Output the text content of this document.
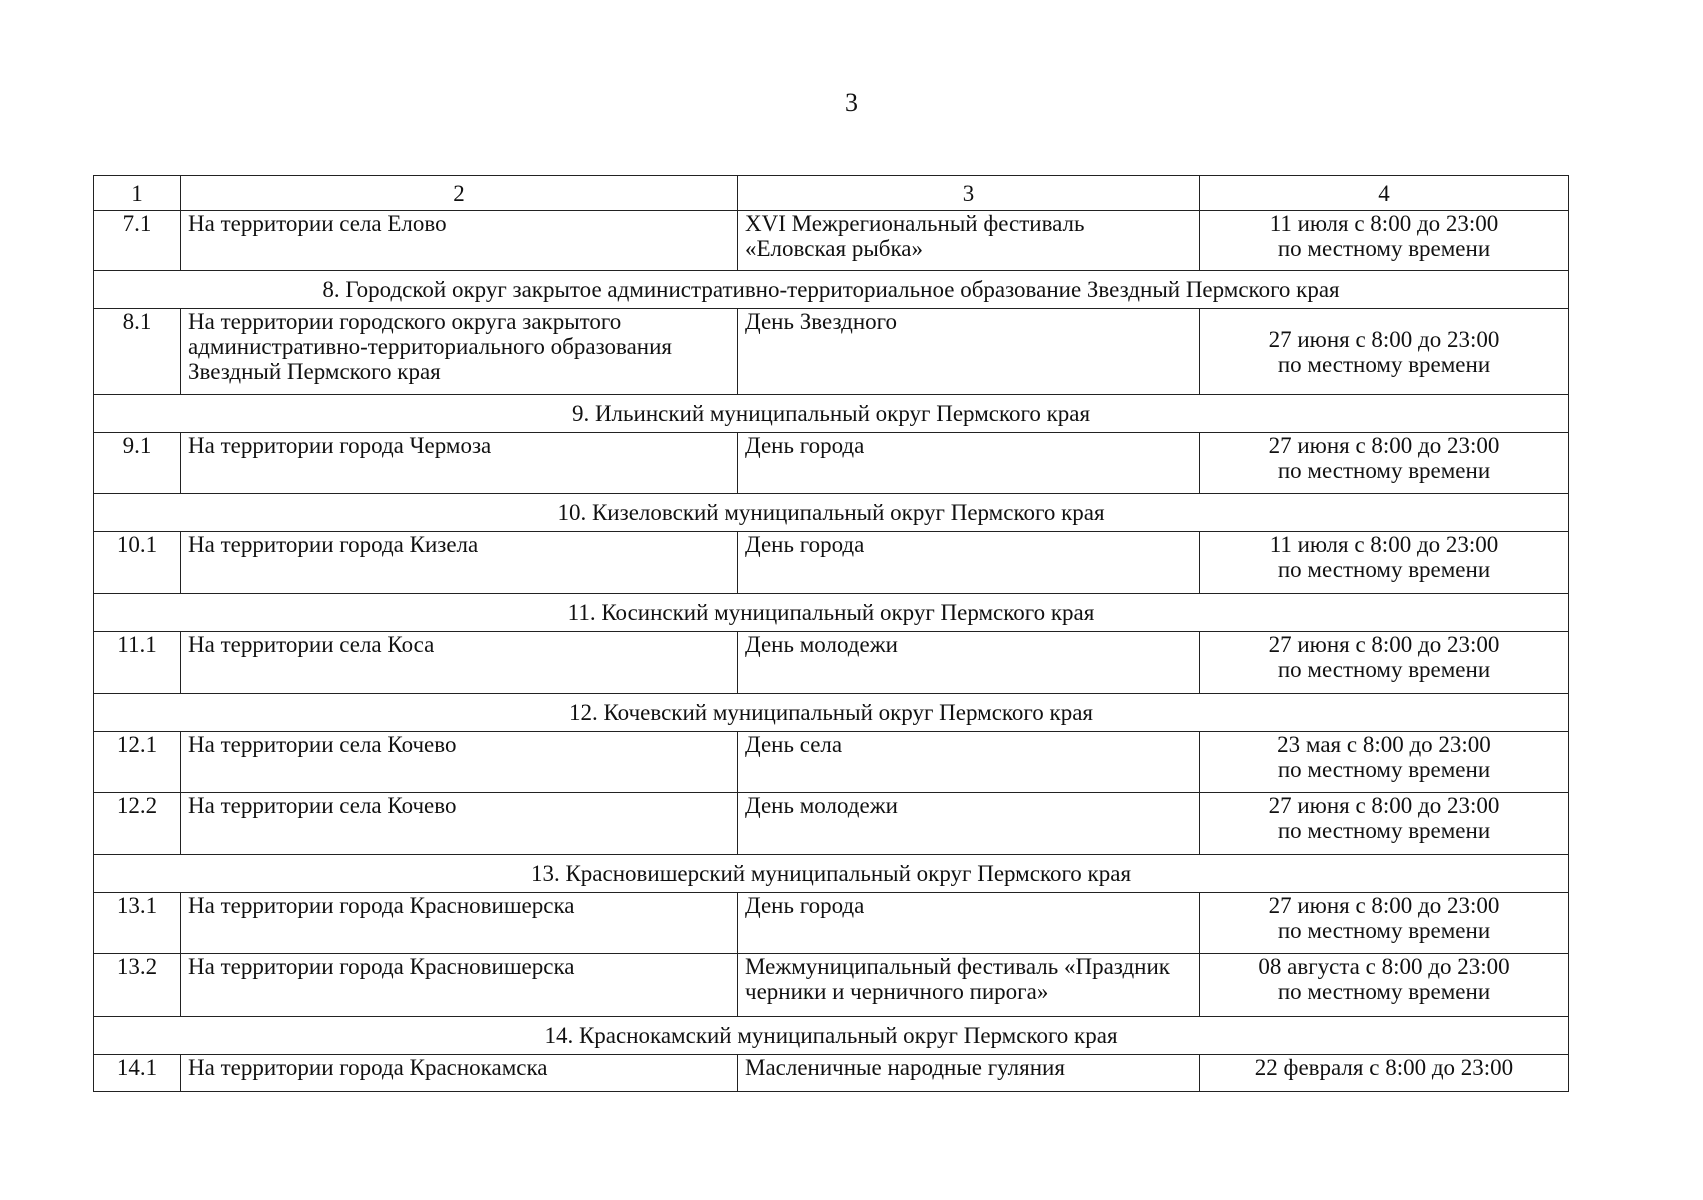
3
1	2	3	4
7.1	На территории села Елово	XVI Межрегиональный фестиваль
«Еловская рыбка»	11 июля с 8:00 до 23:00
по местному времени

8. Городской округ закрытое административно-территориальное образование Звездный Пермского края			
8.1	На территории городского округа закрытого
административно-территориального образования
Звездный Пермского края	День Звездного	27 июня с 8:00 до 23:00
по местному времени

9. Ильинский муниципальный округ Пермского края			
9.1	На территории города Чермоза	День города	27 июня с 8:00 до 23:00
по местному времени

10. Кизеловский муниципальный округ Пермского края			
10.1	На территории города Кизела	День города	11 июля с 8:00 до 23:00
по местному времени

11. Косинский муниципальный округ Пермского края			
11.1	На территории села Коса	День молодежи	27 июня с 8:00 до 23:00
по местному времени

12. Кочевский муниципальный округ Пермского края			
12.1	На территории села Кочево	День села	23 мая с 8:00 до 23:00
по местному времени

12.2	На территории села Кочево	День молодежи	27 июня с 8:00 до 23:00
по местному времени

13. Красновишерский муниципальный округ Пермского края			
13.1	На территории города Красновишерска	День города	27 июня с 8:00 до 23:00
по местному времени

13.2	На территории города Красновишерска	Межмуниципальный фестиваль «Праздник
черники и черничного пирога»	08 августа с 8:00 до 23:00
по местному времени

14. Краснокамский муниципальный округ Пермского края			
14.1	На территории города Краснокамска	Масленичные народные гуляния	22 февраля с 8:00 до 23:00
